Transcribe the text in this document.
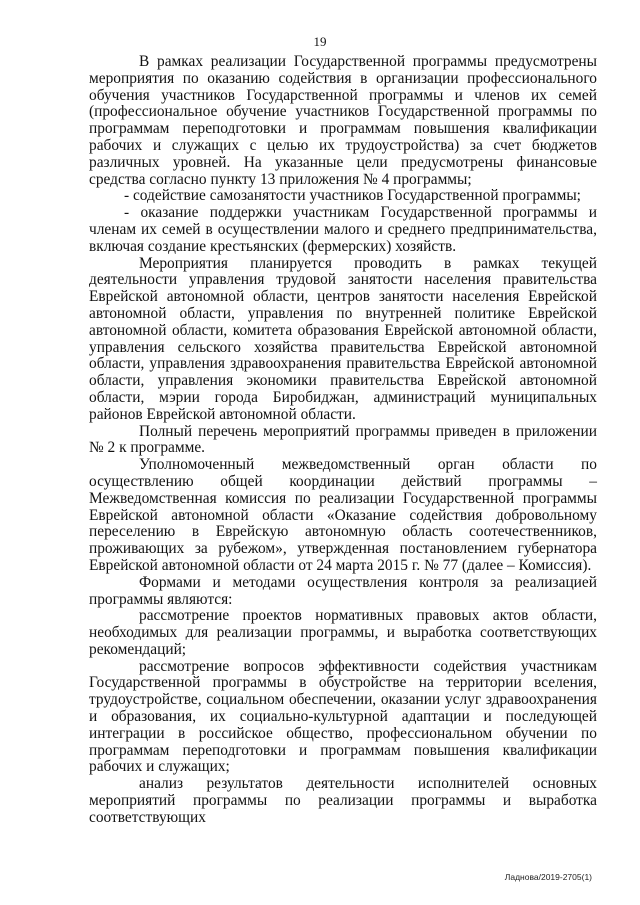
19

В рамках реализации Государственной программы предусмотрены мероприятия по оказанию содействия в организации профессионального обучения участников Государственной программы и членов их семей (профессиональное обучение участников Государственной программы по программам переподготовки и программам повышения квалификации рабочих и служащих с целью их трудоустройства) за счет бюджетов различных уровней. На указанные цели предусмотрены финансовые средства согласно пункту 13 приложения № 4 программы;

- содействие самозанятости участников Государственной программы;

- оказание поддержки участникам Государственной программы и членам их семей в осуществлении малого и среднего предпринимательства, включая создание крестьянских (фермерских) хозяйств.

Мероприятия планируется проводить в рамках текущей деятельности управления трудовой занятости населения правительства Еврейской автономной области, центров занятости населения Еврейской автономной области, управления по внутренней политике Еврейской автономной области, комитета образования Еврейской автономной области, управления сельского хозяйства правительства Еврейской автономной области, управления здравоохранения правительства Еврейской автономной области, управления экономики правительства Еврейской автономной области, мэрии города Биробиджан, администраций муниципальных районов Еврейской автономной области.

Полный перечень мероприятий программы приведен в приложении № 2 к программе.

Уполномоченный межведомственный орган области по осуществлению общей координации действий программы – Межведомственная комиссия по реализации Государственной программы Еврейской автономной области «Оказание содействия добровольному переселению в Еврейскую автономную область соотечественников, проживающих за рубежом», утвержденная постановлением губернатора Еврейской автономной области от 24 марта 2015 г. № 77 (далее – Комиссия).

Формами и методами осуществления контроля за реализацией программы являются:

рассмотрение проектов нормативных правовых актов области, необходимых для реализации программы, и выработка соответствующих рекомендаций;

рассмотрение вопросов эффективности содействия участникам Государственной программы в обустройстве на территории вселения, трудоустройстве, социальном обеспечении, оказании услуг здравоохранения и образования, их социально-культурной адаптации и последующей интеграции в российское общество, профессиональном обучении по программам переподготовки и программам повышения квалификации рабочих и служащих;

анализ результатов деятельности исполнителей основных мероприятий программы по реализации программы и выработка соответствующих

Ладнова/2019-2705(1)
